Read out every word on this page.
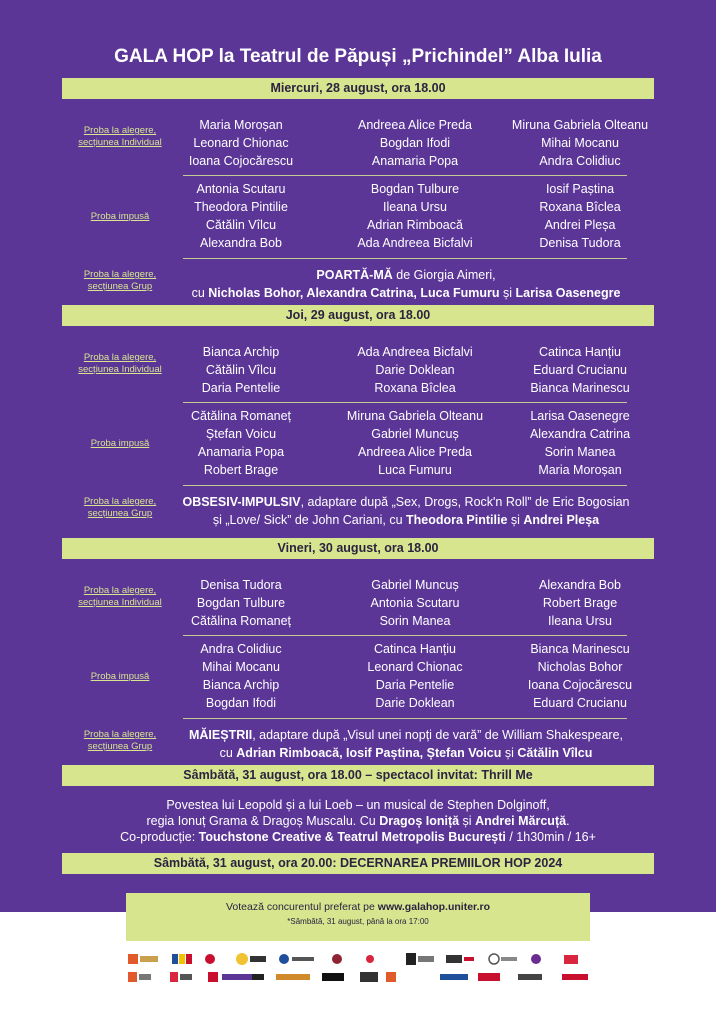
GALA HOP la Teatrul de Păpuși „Prichindel” Alba Iulia
Miercuri, 28 august, ora 18.00
Proba la alegere,
secțiunea Individual
Maria Moroșan
Leonard Chionac
Ioana Cojocărescu
Andreea Alice Preda
Bogdan Ifodi
Anamaria Popa
Miruna Gabriela Olteanu
Mihai Mocanu
Andra Colidiuc
Proba impusă
Antonia Scutaru
Theodora Pintilie
Cătălin Vîlcu
Alexandra Bob
Bogdan Tulbure
Ileana Ursu
Adrian Rimboacă
Ada Andreea Bicfalvi
Iosif Paștina
Roxana Bîclea
Andrei Pleșa
Denisa Tudora
Proba la alegere,
secțiunea Grup
POARTĂ-MĂ de Giorgia Aimeri,
cu Nicholas Bohor, Alexandra Catrina, Luca Fumuru și Larisa Oasenegre
Joi, 29 august, ora 18.00
Proba la alegere,
secțiunea Individual
Bianca Archip
Cătălin Vîlcu
Daria Pentelie
Ada Andreea Bicfalvi
Darie Doklean
Roxana Bîclea
Catinca Hanțiu
Eduard Crucianu
Bianca Marinescu
Proba impusă
Cătălina Romaneț
Ștefan Voicu
Anamaria Popa
Robert Brage
Miruna Gabriela Olteanu
Gabriel Muncuș
Andreea Alice Preda
Luca Fumuru
Larisa Oasenegre
Alexandra Catrina
Sorin Manea
Maria Moroșan
Proba la alegere,
secțiunea Grup
OBSESIV-IMPULSIV, adaptare după „Sex, Drogs, Rock'n Roll” de Eric Bogosian
și „Love/ Sick” de John Cariani, cu Theodora Pintilie și Andrei Pleșa
Vineri, 30 august, ora 18.00
Proba la alegere,
secțiunea Individual
Denisa Tudora
Bogdan Tulbure
Cătălina Romaneț
Gabriel Muncuș
Antonia Scutaru
Sorin Manea
Alexandra Bob
Robert Brage
Ileana Ursu
Proba impusă
Andra Colidiuc
Mihai Mocanu
Bianca Archip
Bogdan Ifodi
Catinca Hanțiu
Leonard Chionac
Daria Pentelie
Darie Doklean
Bianca Marinescu
Nicholas Bohor
Ioana Cojocărescu
Eduard Crucianu
Proba la alegere,
secțiunea Grup
MĂIEȘTRII, adaptare după „Visul unei nopți de vară” de William Shakespeare,
cu Adrian Rimboacă, Iosif Paștina, Ștefan Voicu și Cătălin Vîlcu
Sâmbătă, 31 august, ora 18.00 – spectacol invitat: Thrill Me
Povestea lui Leopold și a lui Loeb – un musical de Stephen Dolginoff,
regia Ionuț Grama & Dragoș Muscalu. Cu Dragoș Ioniță și Andrei Mărcuță.
Co-producție: Touchstone Creative & Teatrul Metropolis București / 1h30min / 16+
Sâmbătă, 31 august, ora 20.00: DECERNAREA PREMIILOR HOP 2024
Votează concurentul preferat pe www.galahop.uniter.ro
*Sâmbătă, 31 august, până la ora 17:00
